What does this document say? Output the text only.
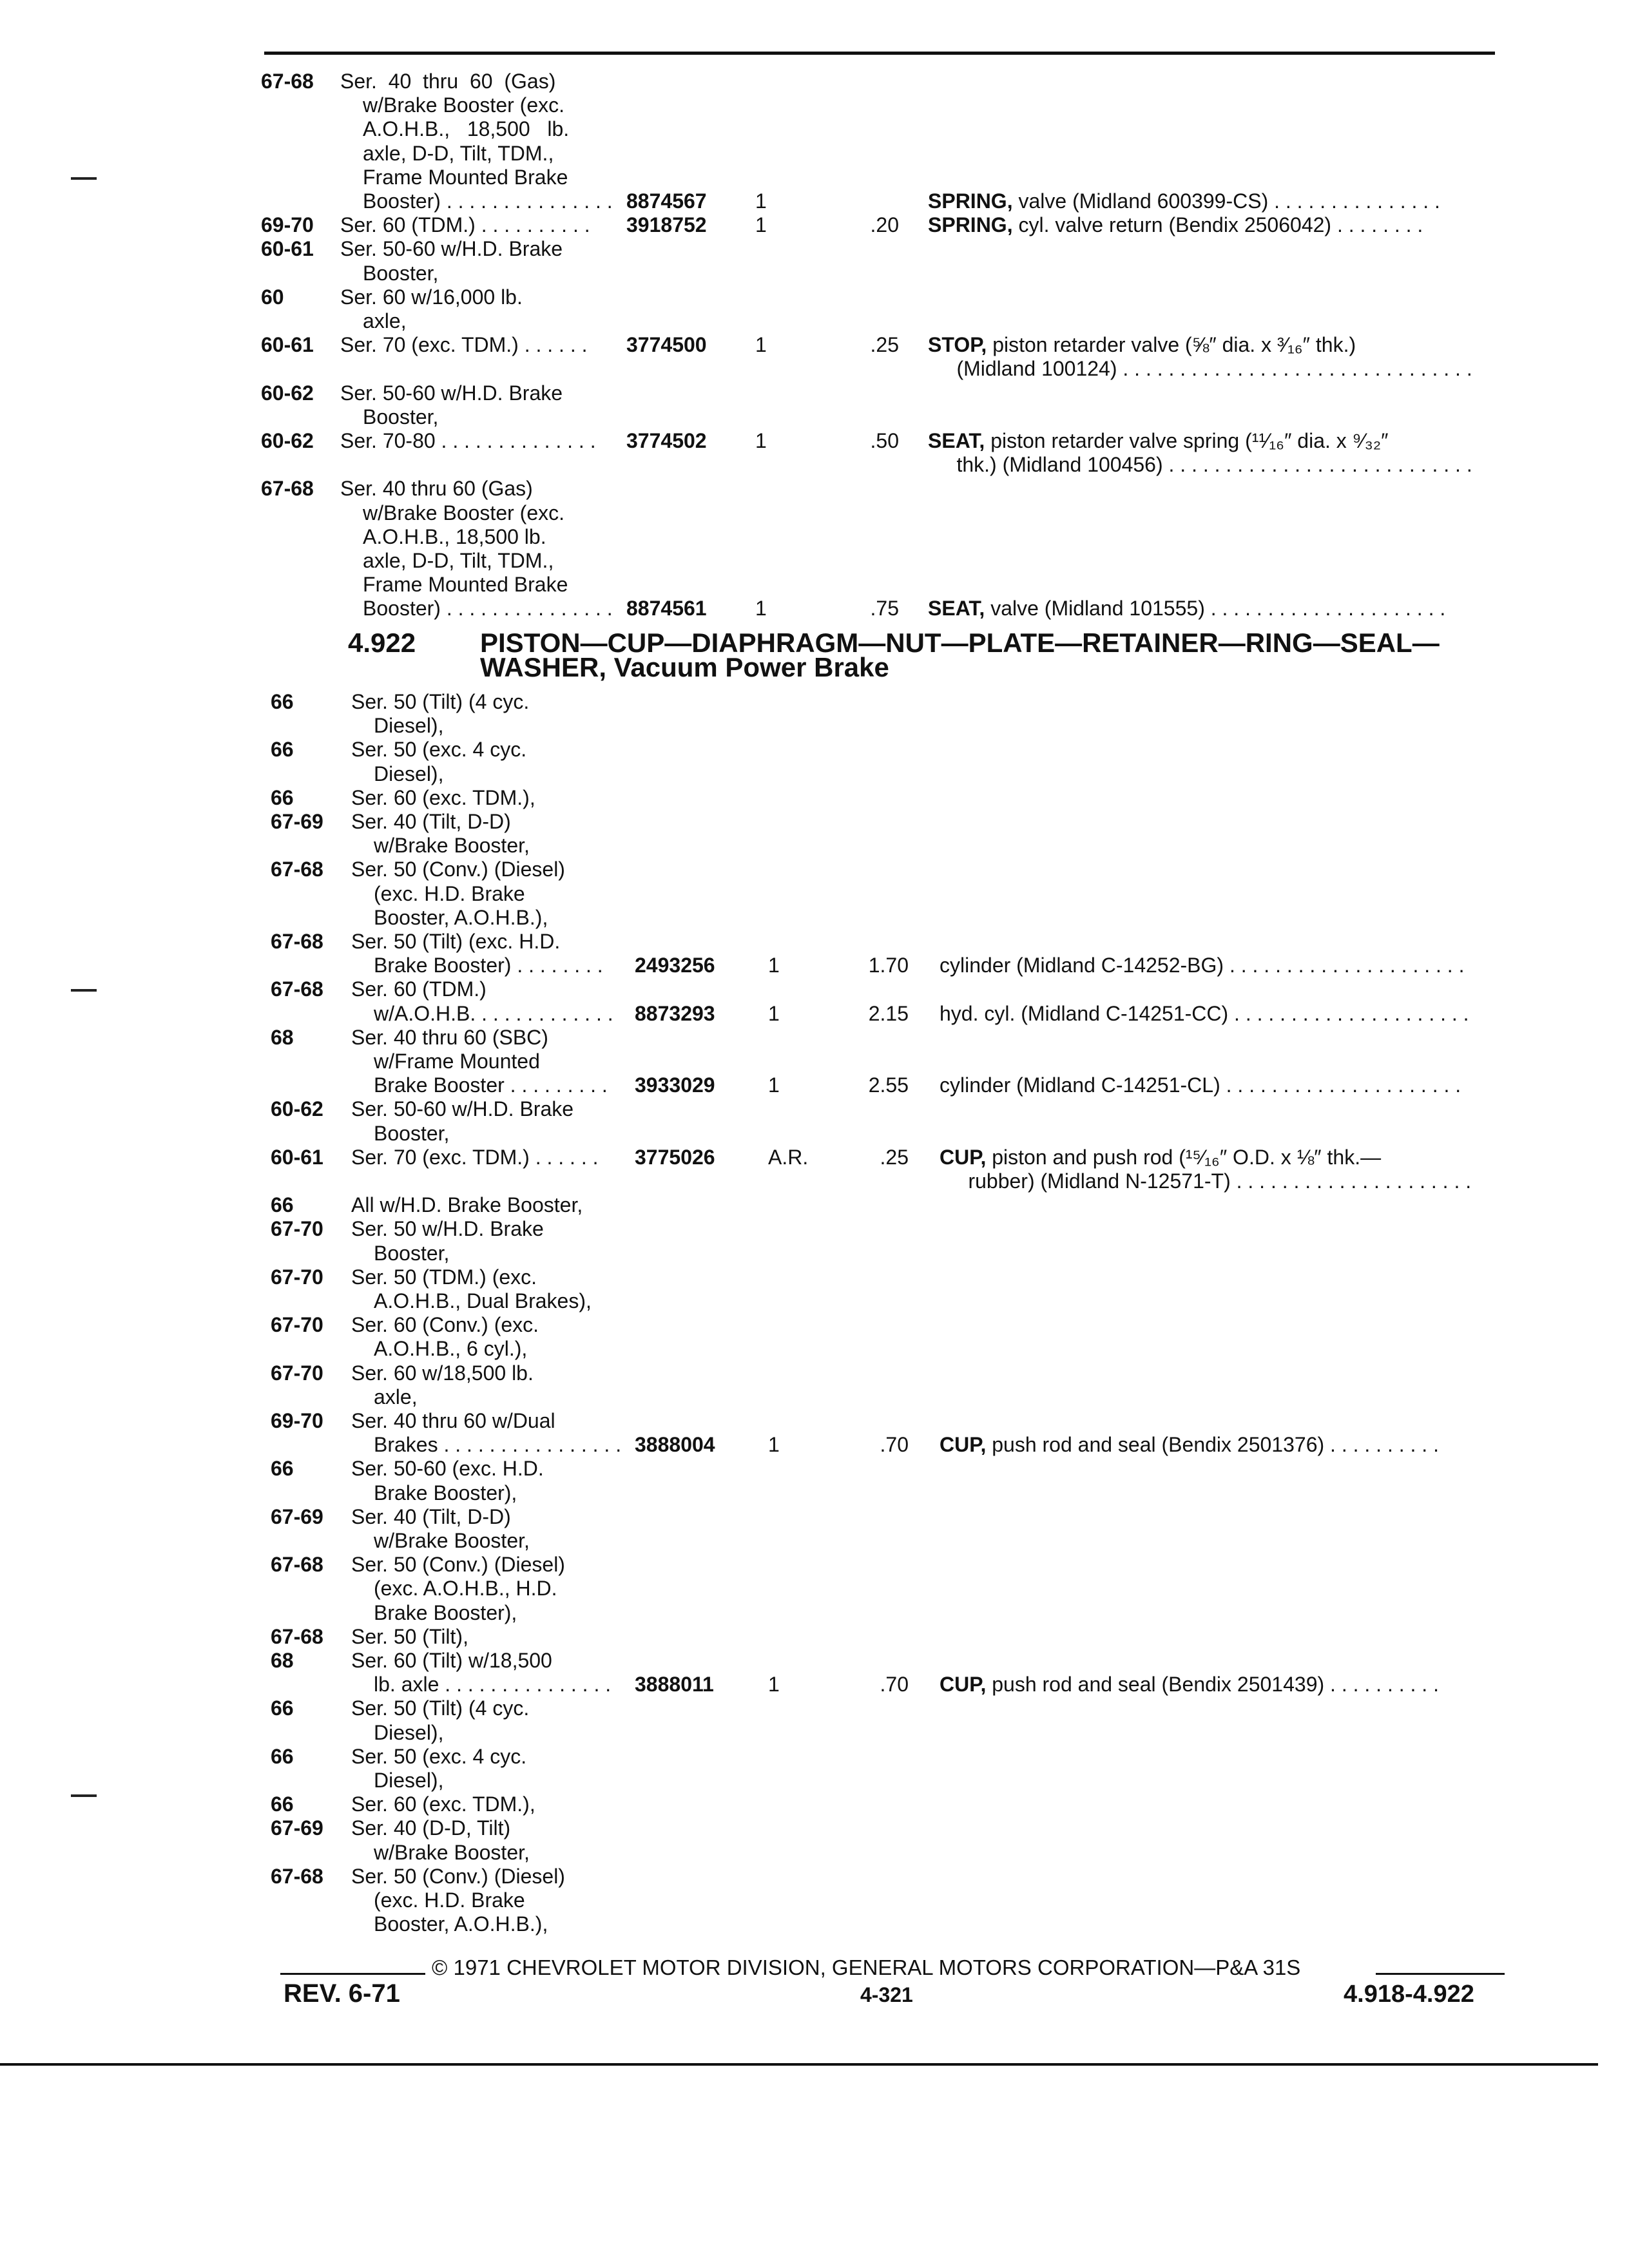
67-68 Ser.  40  thru  60  (Gas)
w/Brake Booster (exc.
A.O.H.B.,   18,500   lb.
axle, D-D, Tilt, TDM.,
Frame Mounted Brake
Booster) . . . . . . . . . . . . . . . 8874567 1	SPRING, valve (Midland 600399-CS) . . . . . . . . . . . . . . .
69-70 Ser. 60 (TDM.) . . . . . . . . . . 3918752 1	.20 SPRING, cyl. valve return (Bendix 2506042) . . . . . . . .
60-61 Ser. 50-60 w/H.D. Brake
Booster,
60	Ser. 60 w/16,000 lb.
axle,
60-61 Ser. 70 (exc. TDM.) . . . . . . 3774500 1	.25 STOP, piston retarder valve (⅝″ dia. x ³⁄₁₆″ thk.)
(Midland 100124) . . . . . . . . . . . . . . . . . . . . . . . . . . . . . . .
60-62 Ser. 50-60 w/H.D. Brake
Booster,
60-62 Ser. 70-80 . . . . . . . . . . . . . . 3774502 1	.50 SEAT, piston retarder valve spring (¹¹⁄₁₆″ dia. x ⁹⁄₃₂″
thk.) (Midland 100456) . . . . . . . . . . . . . . . . . . . . . . . . . . .
67-68 Ser. 40 thru 60 (Gas)
w/Brake Booster (exc.
A.O.H.B., 18,500 lb.
axle, D-D, Tilt, TDM.,
Frame Mounted Brake
Booster) . . . . . . . . . . . . . . . 8874561 1	.75 SEAT, valve (Midland 101555) . . . . . . . . . . . . . . . . . . . . .
4.922 PISTON—CUP—DIAPHRAGM—NUT—PLATE—RETAINER—RING—SEAL—
WASHER, Vacuum Power Brake
66	Ser. 50 (Tilt) (4 cyc.
Diesel),
66	Ser. 50 (exc. 4 cyc.
Diesel),
66	Ser. 60 (exc. TDM.),
67-69 Ser. 40 (Tilt, D-D)
w/Brake Booster,
67-68 Ser. 50 (Conv.) (Diesel)
(exc. H.D. Brake
Booster, A.O.H.B.),
67-68 Ser. 50 (Tilt) (exc. H.D.
Brake Booster) . . . . . . . . 2493256	1	1.70 cylinder (Midland C-14252-BG) . . . . . . . . . . . . . . . . . . . . .
67-68 Ser. 60 (TDM.)
w/A.O.H.B. . . . . . . . . . . . . 8873293	1	2.15 hyd. cyl. (Midland C-14251-CC) . . . . . . . . . . . . . . . . . . . . .
68	Ser. 40 thru 60 (SBC)
w/Frame Mounted
Brake Booster . . . . . . . . . 3933029	1	2.55 cylinder (Midland C-14251-CL) . . . . . . . . . . . . . . . . . . . . .
60-62 Ser. 50-60 w/H.D. Brake
Booster,
60-61 Ser. 70 (exc. TDM.) . . . . . . 3775026	A.R.	.25 CUP, piston and push rod (¹⁵⁄₁₆″ O.D. x ⅛″ thk.—
rubber) (Midland N-12571-T) . . . . . . . . . . . . . . . . . . . . .
66	All w/H.D. Brake Booster,
67-70 Ser. 50 w/H.D. Brake
Booster,
67-70 Ser. 50 (TDM.) (exc.
A.O.H.B., Dual Brakes),
67-70 Ser. 60 (Conv.) (exc.
A.O.H.B., 6 cyl.),
67-70 Ser. 60 w/18,500 lb.
axle,
69-70 Ser. 40 thru 60 w/Dual
Brakes . . . . . . . . . . . . . . . . 3888004	1	.70 CUP, push rod and seal (Bendix 2501376) . . . . . . . . . .
66	Ser. 50-60 (exc. H.D.
Brake Booster),
67-69 Ser. 40 (Tilt, D-D)
w/Brake Booster,
67-68 Ser. 50 (Conv.) (Diesel)
(exc. A.O.H.B., H.D.
Brake Booster),
67-68 Ser. 50 (Tilt),
68	Ser. 60 (Tilt) w/18,500
lb. axle . . . . . . . . . . . . . . . 3888011	1	.70 CUP, push rod and seal (Bendix 2501439) . . . . . . . . . .
66	Ser. 50 (Tilt) (4 cyc.
Diesel),
66	Ser. 50 (exc. 4 cyc.
Diesel),
66	Ser. 60 (exc. TDM.),
67-69 Ser. 40 (D-D, Tilt)
w/Brake Booster,
67-68 Ser. 50 (Conv.) (Diesel)
(exc. H.D. Brake
Booster, A.O.H.B.),
© 1971 CHEVROLET MOTOR DIVISION, GENERAL MOTORS CORPORATION—P&A 31S
REV. 6-71	4-321	4.918-4.922
